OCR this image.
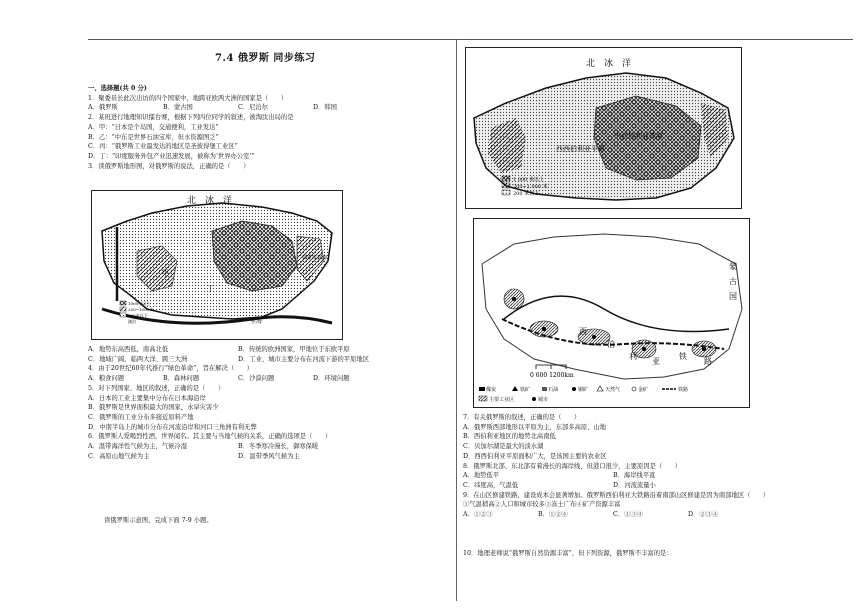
7.4 俄罗斯 同步练习
一、选择题(共 0 分)
1．聚委员长此次出访的四个国家中，地跨亚欧两大洲的国家是（　　）
A．俄罗斯	B．蒙古国	C．尼泊尔	D．韩国
2．某班进行地理知识擂台赛，根据下列四位同学的叙述，被淘汰出局的是
A．甲：“日本是个岛国，交通便利，工业发达”
B．乙：“中东是世界石油宝库，但水资源图乏”
C．丙：“俄罗斯工业最发达的地区是圣彼得堡工业区”
D．丁：“印度服务外包产业迅速发展，被称为‘世界办公室’”
3．读俄罗斯地形图，对俄罗斯的说法，正确的是（　　）
北　冰　洋
甲
丁
里海
鄂霍次克海
1000米以上
200~1000米
200米以下
湖泊
A．地势东高西低，南高北低	B．传统的欧洲国家，甲地位于东欧平原
C．地域广阔，临两大洋、跨三大洲	D．工业、城市主要分布在河流下游的平原地区
4．由于20世纪60年代推行“绿色革命”，旨在解决（　　）
A．粮食问题	B．森林问题	C．沙漠问题	D．环境问题
5．对下列国家、地区的叙述，正确的是（　　）
A．日本的工业主要集中分布在日本海沿岸
B．俄罗斯是世界面积最大的国家，水旱灾害少
C．俄罗斯的工业分布多接近原料产地
D．中南半岛上的城市分布在河流沿岸和河口三角洲有利无弊
6．俄罗斯人爱喝烈性酒，世界闻名。其主要与当地气候的关系，正确的选项是（　　）
A．温带海洋性气候为主，气候冷湿	B．冬季寒冷漫长，御寒保暖
C．高原山地气候为主	D．温带季风气候为主
读俄罗斯示意图，完成下面 7-9 小题。
北　冰　洋
西西伯利亚平原
中西伯利亚高原
1 000 米以上
200~1 000 米
200 米以下
西
伯
利
亚
铁
路
蒙
古
国
0 600 1200km
煤炭	铁矿	石油	铜矿	天然气	金矿	铁路
主要工业区	城市
7．有关俄罗斯的叙述，正确的是（　　）
A．俄罗斯西部地形以平原为主，东部多高原、山地
B．西伯利亚地区的地势北高南低
C．贝加尔湖是最大的淡水湖
D．西西伯利亚平原面积广大，是该国主要的农业区
8．俄罗斯北部、东北部有着漫长的海岸线，但港口很少，主要原因是（　　）
A．地势低平	B．海岸线平直
C．纬度高，气温低	D．河流流量小
9．在山区修建铁路，建设成本会显著增加。俄罗斯西伯利亚大铁路沿着南部山区修建是因为南部地区（　　）
①气温稍高②人口和城市较多③冻土广布④矿产资源丰富
A．①②③	B．①②④	C．①③④	D．②③④
10．地理老师说“俄罗斯自然资源丰富”，但下列资源，俄罗斯不丰富的是：
